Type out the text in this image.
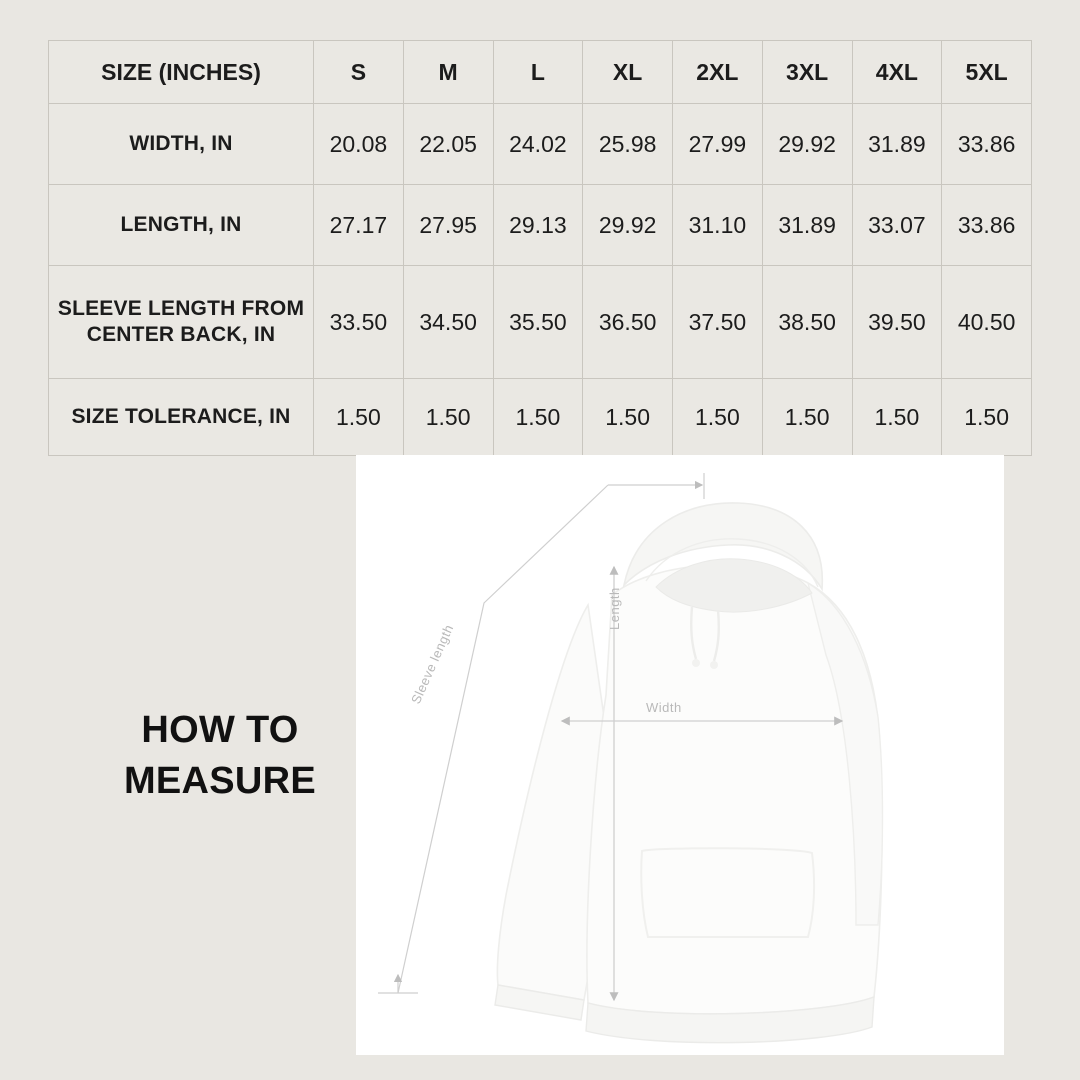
SIZE (INCHES)	S	M	L	XL	2XL	3XL	4XL	5XL
WIDTH, IN	20.08	22.05	24.02	25.98	27.99	29.92	31.89	33.86
LENGTH, IN	27.17	27.95	29.13	29.92	31.10	31.89	33.07	33.86
SLEEVE LENGTH FROM CENTER BACK, IN	33.50	34.50	35.50	36.50	37.50	38.50	39.50	40.50
SIZE TOLERANCE, IN	1.50	1.50	1.50	1.50	1.50	1.50	1.50	1.50
HOW TO MEASURE
Width
Length
Sleeve length
